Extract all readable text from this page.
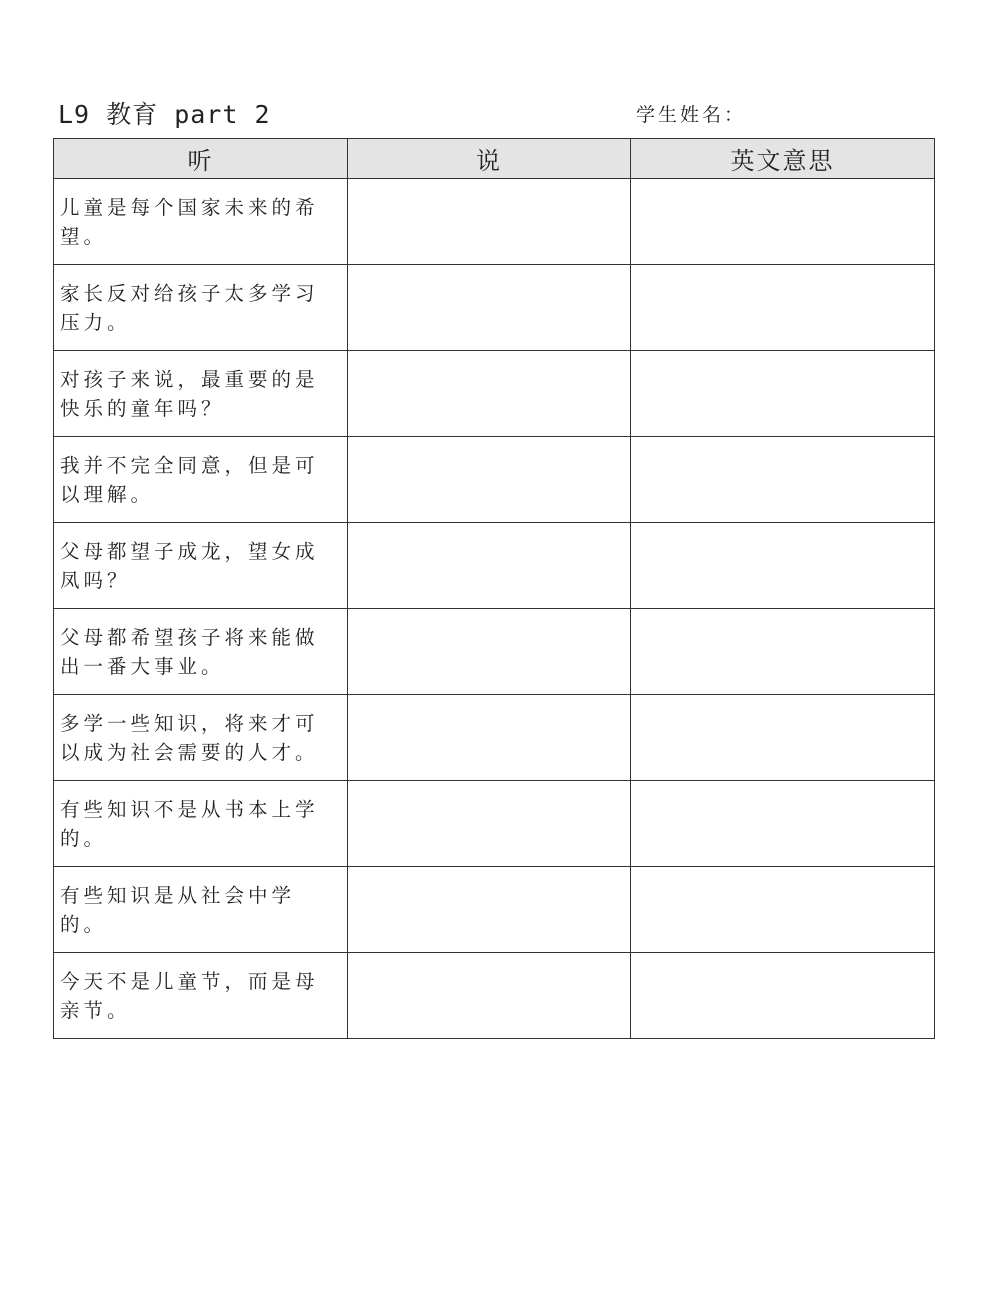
L9 教育 part 2	学生姓名：
听	说	英文意思
儿童是每个国家未来的希望。		
家长反对给孩子太多学习压力。		
对孩子来说，最重要的是快乐的童年吗？		
我并不完全同意，但是可以理解。		
父母都望子成龙，望女成凤吗？		
父母都希望孩子将来能做出一番大事业。		
多学一些知识，将来才可以成为社会需要的人才。		
有些知识不是从书本上学的。		
有些知识是从社会中学的。		
今天不是儿童节，而是母亲节。		
